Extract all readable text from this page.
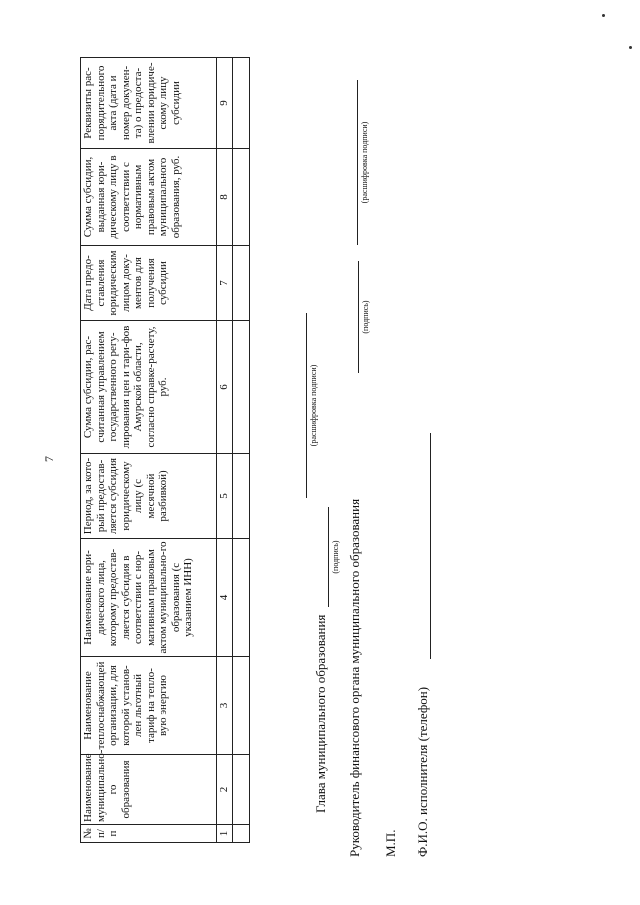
7
№ п/п	Наименование муниципально-го образования	Наименование теплоснабжающей организации, для которой установ-лен льготный тариф на тепло-вую энергию	Наименование юри-дического лица, которому предостав-ляется субсидия в соответствии с нор-мативным правовым актом муниципально-го образования (с указанием ИНН)	Период, за кото-рый предостав-ляется субсидия юридическому лицу (с месячной разбивкой)	Сумма субсидии, рас-считанная управлением государственного регу-лирования цен и тари-фов Амурской области, согласно справке-расчету, руб.	Дата предо-ставления юридическим лицом доку-ментов для получения субсидии	Сумма субсидии, выданная юри-дическому лицу в соответствии с нормативным правовым актом муниципального образования, руб.	Реквизиты рас-порядительного акта (дата и номер докумен-та) о предоста-влении юридиче-скому лицу субсидии
1	2	3	4	5	6	7	8	9

Глава муниципального образования
(подпись)
(расшифровка подписи)
Руководитель финансового органа муниципального образования
(подпись)
(расшифровка подписи)
М.П. Ф.И.О. исполнителя (телефон)
